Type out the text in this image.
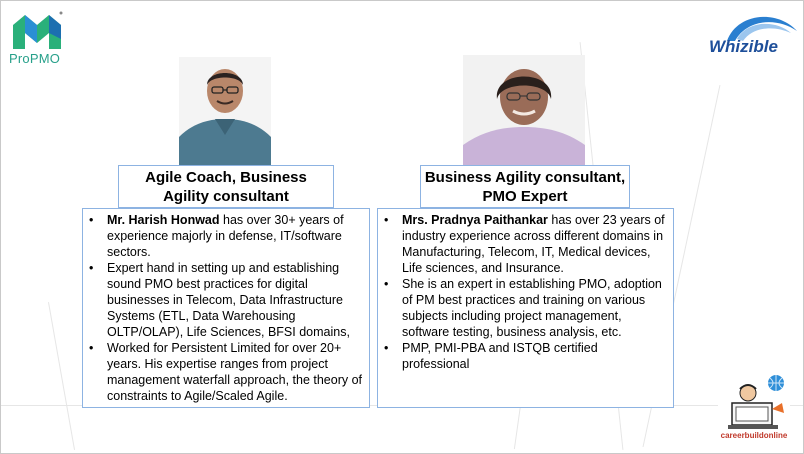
ProPMO
Whizible
Agile Coach, Business
Agility consultant
Business Agility consultant,
PMO Expert
• Mr. Harish Honwad has over 30+ years of experience majorly in defense, IT/software sectors.
• Expert hand in setting up and establishing sound PMO best practices for digital businesses in Telecom, Data Infrastructure Systems (ETL, Data Warehousing OLTP/OLAP), Life Sciences, BFSI domains,
• Worked for Persistent Limited for over 20+ years. His expertise ranges from project management waterfall approach, the theory of constraints to Agile/Scaled Agile.
• Mrs. Pradnya Paithankar has over 23 years of industry experience across different domains in Manufacturing, Telecom, IT, Medical devices, Life sciences, and Insurance.
• She is an expert in establishing PMO, adoption of PM best practices and training on various subjects including project management, software testing, business analysis, etc.
• PMP, PMI-PBA and ISTQB certified professional
careerbuildonline
